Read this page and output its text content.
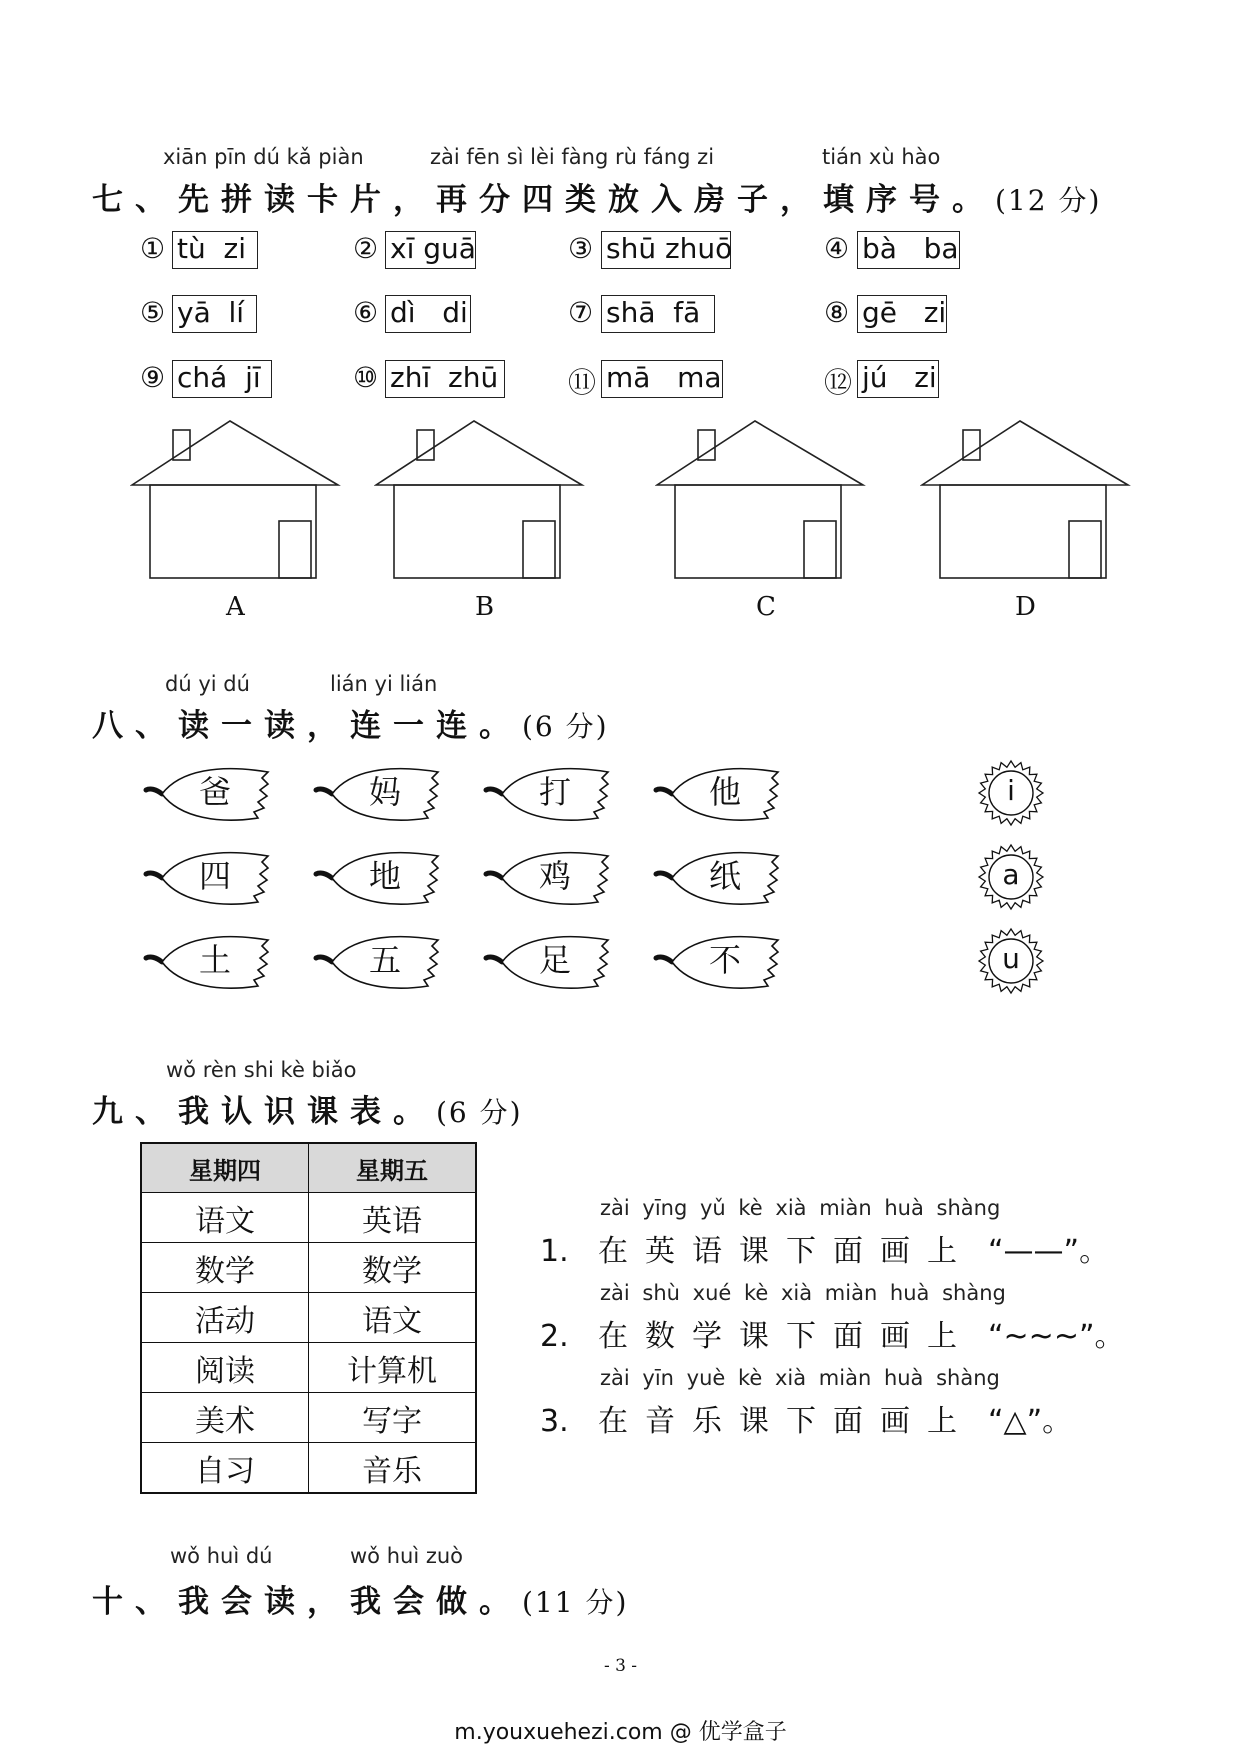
xiān pīn dú kǎ piàn	zài fēn sì lèi fàng rù fáng zi	tián xù hào
七、先拼读卡片，再分四类放入房子，填序号。(12 分)
① tù  zi	② xī guā	③ shū zhuō	④ bà   ba
⑤ yā  lí	⑥ dì   di	⑦ shā  fā	⑧ gē   zi
⑨ chá  jī	⑩ zhī  zhū ⑪ mā   ma	⑫ jú   zi
A	B	C	D
dú yi dú	lián yi lián
八、读一读，连一连。(6 分)
爸	妈	打	他
四	地	鸡	纸
土	五	足	不
i
a
u
wǒ rèn shi kè biǎo
九、我认识课表。(6 分)
星期四	星期五
语文	英语
数学	数学
活动	语文
阅读	计算机
美术	写字
自习	音乐
zài yīng yǔ kè xià miàn huà shàng
1. 在英语课下面画上 “——”。
zài shù xué kè xià miàn huà shàng
2. 在数学课下面画上 “~~~”。
zài yīn yuè kè xià miàn huà shàng
3. 在音乐课下面画上 “△”。
wǒ huì dú	wǒ huì zuò
十、我会读，我会做。(11 分)
- 3 -
m.youxuehezi.com @ 优学盒子
